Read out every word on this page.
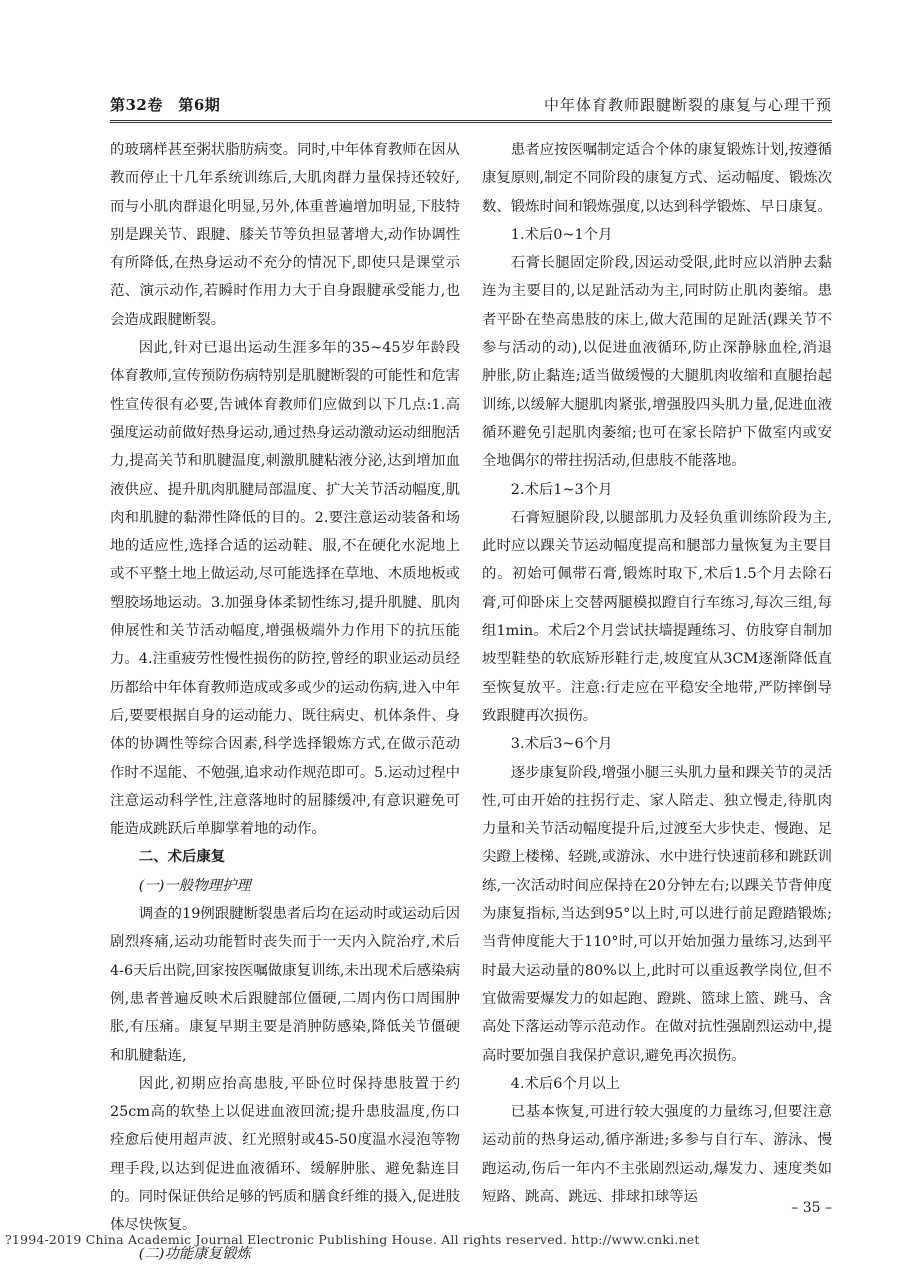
第32卷　第6期	中年体育教师跟腱断裂的康复与心理干预

的玻璃样甚至粥状脂肪病变。同时,中年体育教师在因从教而停止十几年系统训练后,大肌肉群力量保持还较好,而与小肌肉群退化明显,另外,体重普遍增加明显,下肢特别是踝关节、跟腱、膝关节等负担显著增大,动作协调性有所降低,在热身运动不充分的情况下,即使只是课堂示范、演示动作,若瞬时作用力大于自身跟腱承受能力,也会造成跟腱断裂。

因此,针对已退出运动生涯多年的35~45岁年龄段体育教师,宣传预防伤病特别是肌腱断裂的可能性和危害性宣传很有必要,告诫体育教师们应做到以下几点:1.高强度运动前做好热身运动,通过热身运动激动运动细胞活力,提高关节和肌腱温度,刺激肌腱粘液分泌,达到增加血液供应、提升肌肉肌腱局部温度、扩大关节活动幅度,肌肉和肌腱的黏滞性降低的目的。2.要注意运动装备和场地的适应性,选择合适的运动鞋、服,不在硬化水泥地上或不平整土地上做运动,尽可能选择在草地、木质地板或塑胶场地运动。3.加强身体柔韧性练习,提升肌腱、肌肉伸展性和关节活动幅度,增强极端外力作用下的抗压能力。4.注重疲劳性慢性损伤的防控,曾经的职业运动员经历都给中年体育教师造成或多或少的运动伤病,进入中年后,要要根据自身的运动能力、既往病史、机体条件、身体的协调性等综合因素,科学选择锻炼方式,在做示范动作时不逞能、不勉强,追求动作规范即可。5.运动过程中注意运动科学性,注意落地时的屈膝缓冲,有意识避免可能造成跳跃后单脚掌着地的动作。

二、术后康复

(一)一般物理护理

调查的19例跟腱断裂患者后均在运动时或运动后因剧烈疼痛,运动功能暂时丧失而于一天内入院治疗,术后4-6天后出院,回家按医嘱做康复训练,未出现术后感染病例,患者普遍反映术后跟腱部位僵硬,二周内伤口周围肿胀,有压痛。康复早期主要是消肿防感染,降低关节僵硬和肌腱黏连,

因此,初期应抬高患肢,平卧位时保持患肢置于约25cm高的软垫上以促进血液回流;提升患肢温度,伤口痊愈后使用超声波、红光照射或45-50度温水浸泡等物理手段,以达到促进血液循环、缓解肿胀、避免黏连目的。同时保证供给足够的钙质和膳食纤维的摄入,促进肢体尽快恢复。

(二)功能康复锻炼

患者应按医嘱制定适合个体的康复锻炼计划,按遵循康复原则,制定不同阶段的康复方式、运动幅度、锻炼次数、锻炼时间和锻炼强度,以达到科学锻炼、早日康复。

1.术后0~1个月

石膏长腿固定阶段,因运动受限,此时应以消肿去黏连为主要目的,以足趾活动为主,同时防止肌肉萎缩。患者平卧在垫高患肢的床上,做大范围的足趾活(踝关节不参与活动的动),以促进血液循环,防止深静脉血栓,消退肿胀,防止黏连;适当做缓慢的大腿肌肉收缩和直腿抬起训练,以缓解大腿肌肉紧张,增强股四头肌力量,促进血液循环避免引起肌肉萎缩;也可在家长陪护下做室内或安全地偶尔的带拄拐活动,但患肢不能落地。

2.术后1~3个月

石膏短腿阶段,以腿部肌力及轻负重训练阶段为主,此时应以踝关节运动幅度提高和腿部力量恢复为主要目的。初始可佩带石膏,锻炼时取下,术后1.5个月去除石膏,可仰卧床上交替两腿模拟蹬自行车练习,每次三组,每组1min。术后2个月尝试扶墙提踵练习、仿肢穿自制加坡型鞋垫的软底矫形鞋行走,坡度宜从3CM逐渐降低直至恢复放平。注意:行走应在平稳安全地带,严防摔倒导致跟腱再次损伤。

3.术后3~6个月

逐步康复阶段,增强小腿三头肌力量和踝关节的灵活性,可由开始的拄拐行走、家人陪走、独立慢走,待肌肉力量和关节活动幅度提升后,过渡至大步快走、慢跑、足尖蹬上楼梯、轻跳,或游泳、水中进行快速前移和跳跃训练,一次活动时间应保持在20分钟左右;以踝关节背伸度为康复指标,当达到95°以上时,可以进行前足蹬踏锻炼;当背伸度能大于110°时,可以开始加强力量练习,达到平时最大运动量的80%以上,此时可以重返教学岗位,但不宜做需要爆发力的如起跑、蹬跳、篮球上篮、跳马、含高处下落运动等示范动作。在做对抗性强剧烈运动中,提高时要加强自我保护意识,避免再次损伤。

4.术后6个月以上

已基本恢复,可进行较大强度的力量练习,但要注意运动前的热身运动,循序渐进;多参与自行车、游泳、慢跑运动,伤后一年内不主张剧烈运动,爆发力、速度类如短路、跳高、跳远、排球扣球等运

– 35 –
?1994-2019 China Academic Journal Electronic Publishing House. All rights reserved. http://www.cnki.net
